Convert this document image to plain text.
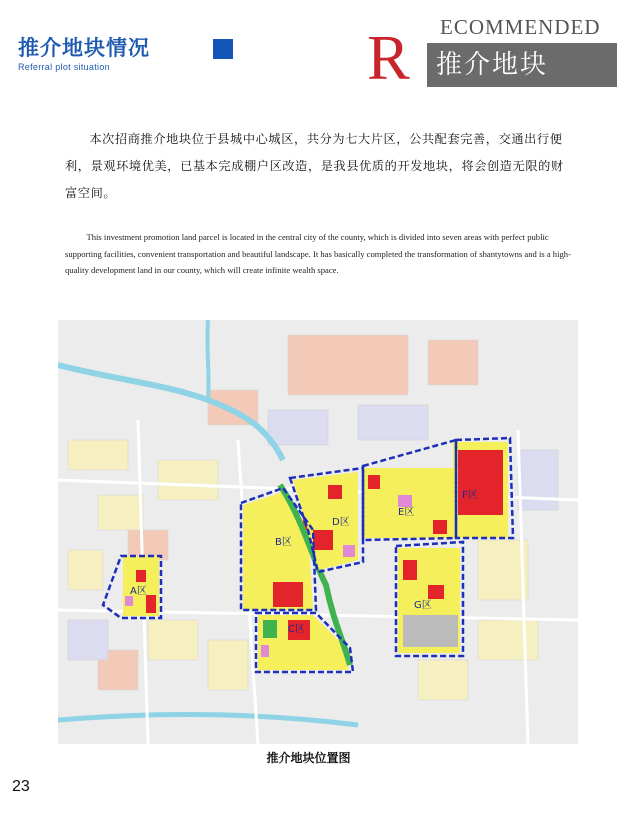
推介地块情况
Referral plot situation
ECOMMENDED
R 推介地块

本次招商推介地块位于县城中心城区，共分为七大片区，公共配套完善，交通出行便利，景观环境优美，已基本完成棚户区改造，是我县优质的开发地块，将会创造无限的财富空间。

This investment promotion land parcel is located in the central city of the county, which is divided into seven areas with perfect public supporting facilities, convenient transportation and beautiful landscape. It has basically completed the transformation of shantytowns and is a high-quality development land in our county, which will create infinite wealth space.

A区
B区
C区
D区
E区
F区
G区
推介地块位置图
23
